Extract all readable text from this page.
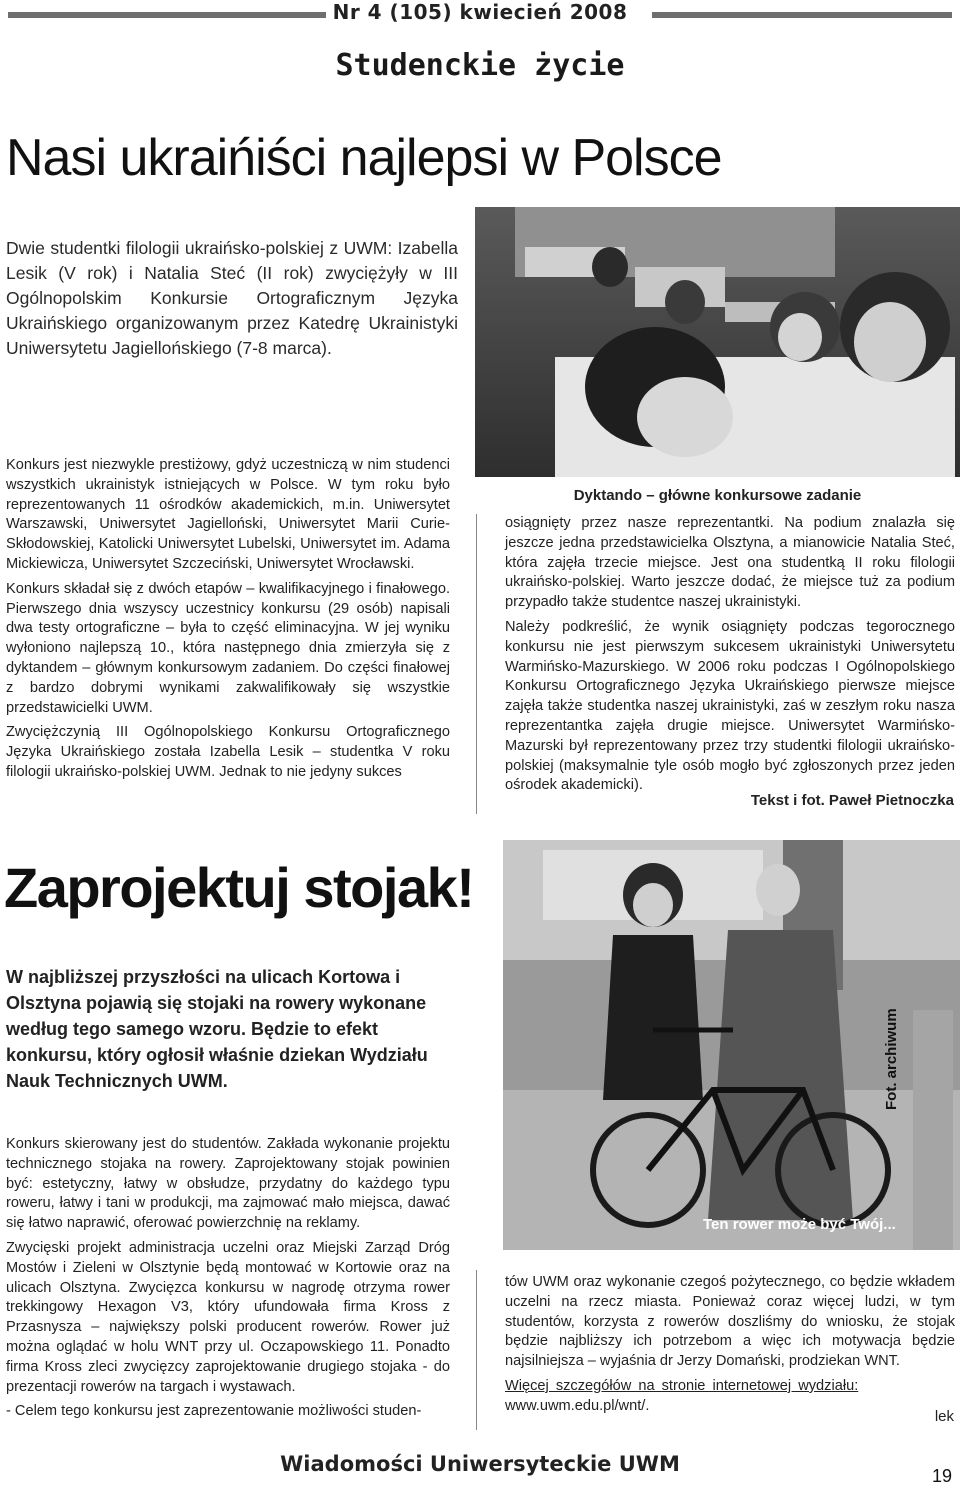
Nr 4 (105) kwiecień 2008
Studenckie życie
Nasi ukraińiści najlepsi w Polsce
Dwie studentki filologii ukraińsko-polskiej z UWM: Izabella Lesik (V rok) i Natalia Steć (II rok) zwyciężyły w III Ogólnopolskim Konkursie Ortograficznym Języka Ukraińskiego organizowanym przez Katedrę Ukrainistyki Uniwersytetu Jagiellońskiego (7-8 marca).
Dyktando – główne konkursowe zadanie

Konkurs jest niezwykle prestiżowy, gdyż uczestniczą w nim studenci wszystkich ukrainistyk istniejących w Polsce. W tym roku było reprezentowanych 11 ośrodków akademickich, m.in. Uniwersytet Warszawski, Uniwersytet Jagielloński, Uniwersytet Marii Curie-Skłodowskiej, Katolicki Uniwersytet Lubelski, Uniwersytet im. Adama Mickiewicza, Uniwersytet Szczeciński, Uniwersytet Wrocławski.

Konkurs składał się z dwóch etapów – kwalifikacyjnego i finałowego. Pierwszego dnia wszyscy uczestnicy konkursu (29 osób) napisali dwa testy ortograficzne – była to część eliminacyjna. W jej wyniku wyłoniono najlepszą 10., która następnego dnia zmierzyła się z dyktandem – głównym konkursowym zadaniem. Do części finałowej z bardzo dobrymi wynikami zakwalifikowały się wszystkie przedstawicielki UWM.

Zwyciężczynią III Ogólnopolskiego Konkursu Ortograficznego Języka Ukraińskiego została Izabella Lesik – studentka V roku filologii ukraińsko-polskiej UWM. Jednak to nie jedyny sukces

osiągnięty przez nasze reprezentantki. Na podium znalazła się jeszcze jedna przedstawicielka Olsztyna, a mianowicie Natalia Steć, która zajęła trzecie miejsce. Jest ona studentką II roku filologii ukraińsko-polskiej. Warto jeszcze dodać, że miejsce tuż za podium przypadło także studentce naszej ukrainistyki.

Należy podkreślić, że wynik osiągnięty podczas tegorocznego konkursu nie jest pierwszym sukcesem ukrainistyki Uniwersytetu Warmińsko-Mazurskiego. W 2006 roku podczas I Ogólnopolskiego Konkursu Ortograficznego Języka Ukraińskiego pierwsze miejsce zajęła także studentka naszej ukrainistyki, zaś w zeszłym roku nasza reprezentantka zajęła drugie miejsce. Uniwersytet Warmińsko-Mazurski był reprezentowany przez trzy studentki filologii ukraińsko-polskiej (maksymalnie tyle osób mogło być zgłoszonych przez jeden ośrodek akademicki).

Tekst i fot. Paweł Pietnoczka
Zaprojektuj stojak!
W najbliższej przyszłości na ulicach Kortowa i Olsztyna pojawią się stojaki na rowery wykonane według tego samego wzoru. Będzie to efekt konkursu, który ogłosił właśnie dziekan Wydziału Nauk Technicznych UWM.	Fot. archiwum
Ten rower może być Twój...

Konkurs skierowany jest do studentów. Zakłada wykonanie projektu technicznego stojaka na rowery. Zaprojektowany stojak powinien być: estetyczny, łatwy w obsłudze, przydatny do każdego typu roweru, łatwy i tani w produkcji, ma zajmować mało miejsca, dawać się łatwo naprawić, oferować powierzchnię na reklamy.

Zwycięski projekt administracja uczelni oraz Miejski Zarząd Dróg Mostów i Zieleni w Olsztynie będą montować w Kortowie oraz na ulicach Olsztyna. Zwycięzca konkursu w nagrodę otrzyma rower trekkingowy Hexagon V3, który ufundowała firma Kross z Przasnysza – największy polski producent rowerów. Rower już można oglądać w holu WNT przy ul. Oczapowskiego 11. Ponadto firma Kross zleci zwycięzcy zaprojektowanie drugiego stojaka - do prezentacji rowerów na targach i wystawach.

- Celem tego konkursu jest zaprezentowanie możliwości studen-

tów UWM oraz wykonanie czegoś pożytecznego, co będzie wkładem uczelni na rzecz miasta. Ponieważ coraz więcej ludzi, w tym studentów, korzysta z rowerów doszliśmy do wniosku, że stojak będzie najbliższy ich potrzebom a więc ich motywacja będzie najsilniejsza – wyjaśnia dr Jerzy Domański, prodziekan WNT.

Więcej szczegółów na stronie internetowej wydziału:
www.uwm.edu.pl/wnt/.

lek
Wiadomości Uniwersyteckie UWM	19
